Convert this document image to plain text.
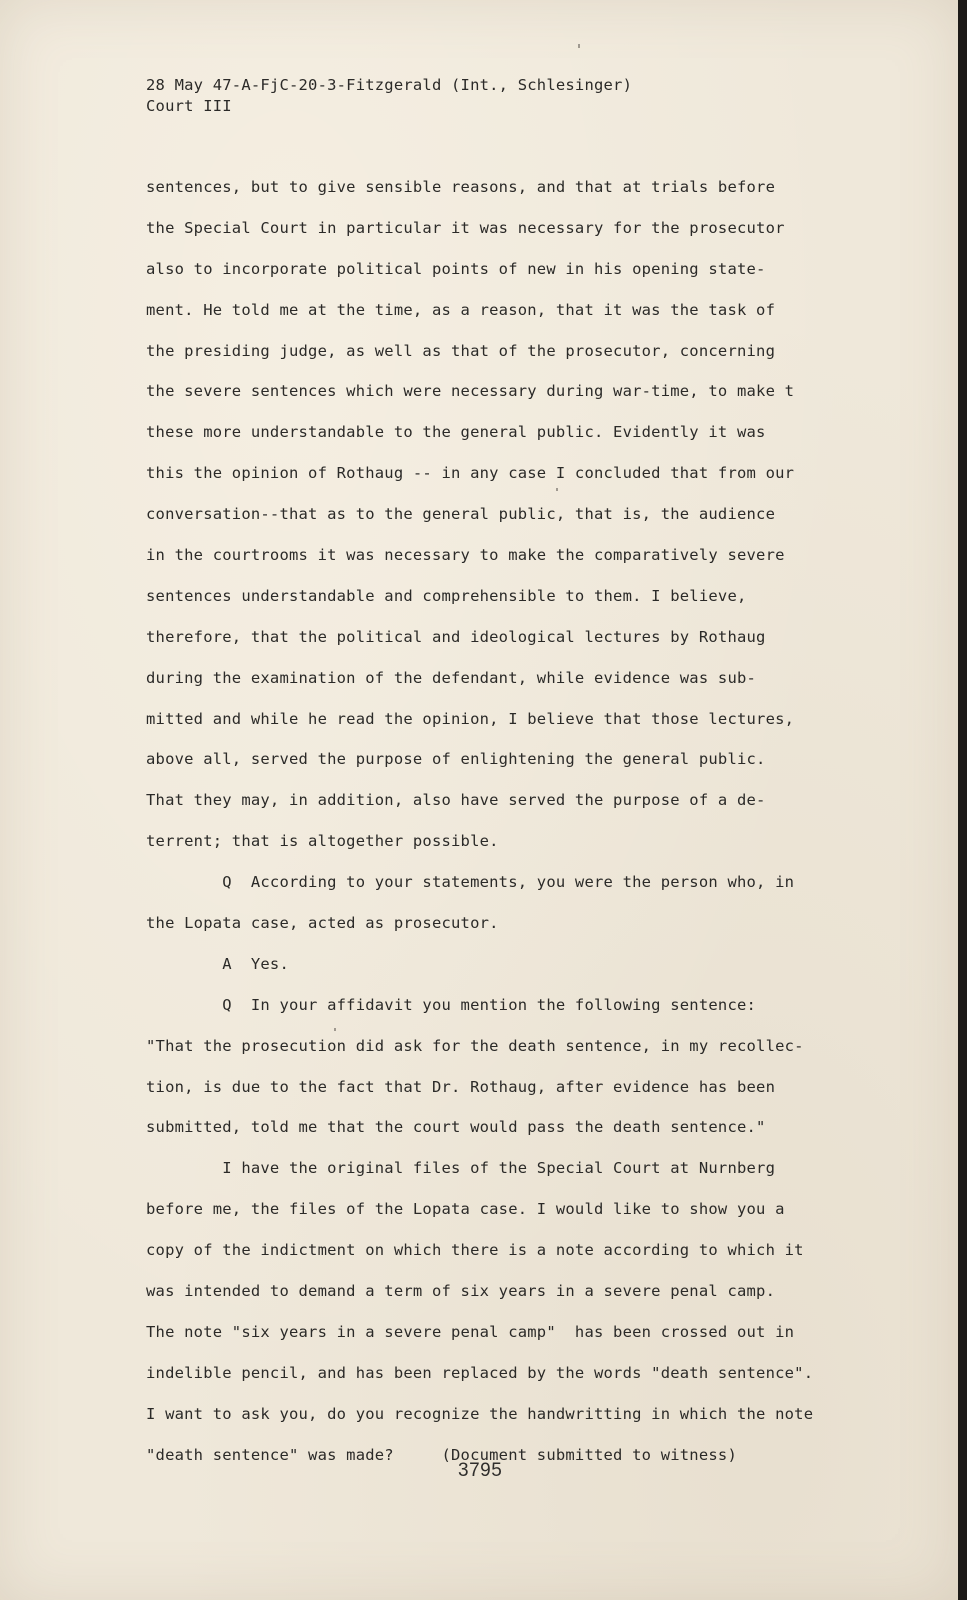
28 May 47-A-FjC-20-3-Fitzgerald (Int., Schlesinger)
Court III
sentences, but to give sensible reasons, and that at trials before
the Special Court in particular it was necessary for the prosecutor
also to incorporate political points of new in his opening state-
ment. He told me at the time, as a reason, that it was the task of
the presiding judge, as well as that of the prosecutor, concerning
the severe sentences which were necessary during war-time, to make t
these more understandable to the general public. Evidently it was
this the opinion of Rothaug -- in any case I concluded that from our
conversation--that as to the general public, that is, the audience
in the courtrooms it was necessary to make the comparatively severe
sentences understandable and comprehensible to them. I believe,
therefore, that the political and ideological lectures by Rothaug
during the examination of the defendant, while evidence was sub-
mitted and while he read the opinion, I believe that those lectures,
above all, served the purpose of enlightening the general public.
That they may, in addition, also have served the purpose of a de-
terrent; that is altogether possible.
Q  According to your statements, you were the person who, in
the Lopata case, acted as prosecutor.
A  Yes.
Q  In your affidavit you mention the following sentence:
"That the prosecution did ask for the death sentence, in my recollec-
tion, is due to the fact that Dr. Rothaug, after evidence has been
submitted, told me that the court would pass the death sentence."
I have the original files of the Special Court at Nurnberg
before me, the files of the Lopata case. I would like to show you a
copy of the indictment on which there is a note according to which it
was intended to demand a term of six years in a severe penal camp.
The note "six years in a severe penal camp"  has been crossed out in
indelible pencil, and has been replaced by the words "death sentence".
I want to ask you, do you recognize the handwritting in which the note
"death sentence" was made?     (Document submitted to witness)
3795
